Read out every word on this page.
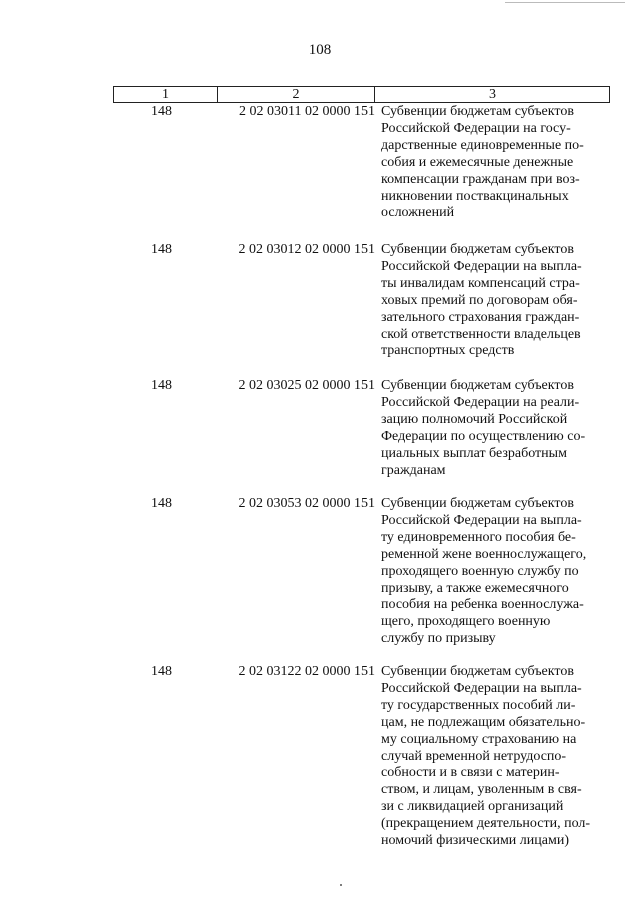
108
1	2	3
148	2 02 03011 02 0000 151 Субвенции бюджетам субъектов
Российской Федерации на госу-
дарственные единовременные по-
собия и ежемесячные денежные
компенсации гражданам при воз-
никновении поствакцинальных
осложнений
148	2 02 03012 02 0000 151 Субвенции бюджетам субъектов
Российской Федерации на выпла-
ты инвалидам компенсаций стра-
ховых премий по договорам обя-
зательного страхования граждан-
ской ответственности владельцев
транспортных средств
148	2 02 03025 02 0000 151 Субвенции бюджетам субъектов
Российской Федерации на реали-
зацию полномочий Российской
Федерации по осуществлению со-
циальных выплат безработным
гражданам
148	2 02 03053 02 0000 151 Субвенции бюджетам субъектов
Российской Федерации на выпла-
ту единовременного пособия бе-
ременной жене военнослужащего,
проходящего военную службу по
призыву, а также ежемесячного
пособия на ребенка военнослужа-
щего, проходящего военную
службу по призыву
148	2 02 03122 02 0000 151 Субвенции бюджетам субъектов
Российской Федерации на выпла-
ту государственных пособий ли-
цам, не подлежащим обязательно-
му социальному страхованию на
случай временной нетрудоспо-
собности и в связи с материн-
ством, и лицам, уволенным в свя-
зи с ликвидацией организаций
(прекращением деятельности, пол-
номочий физическими лицами)
